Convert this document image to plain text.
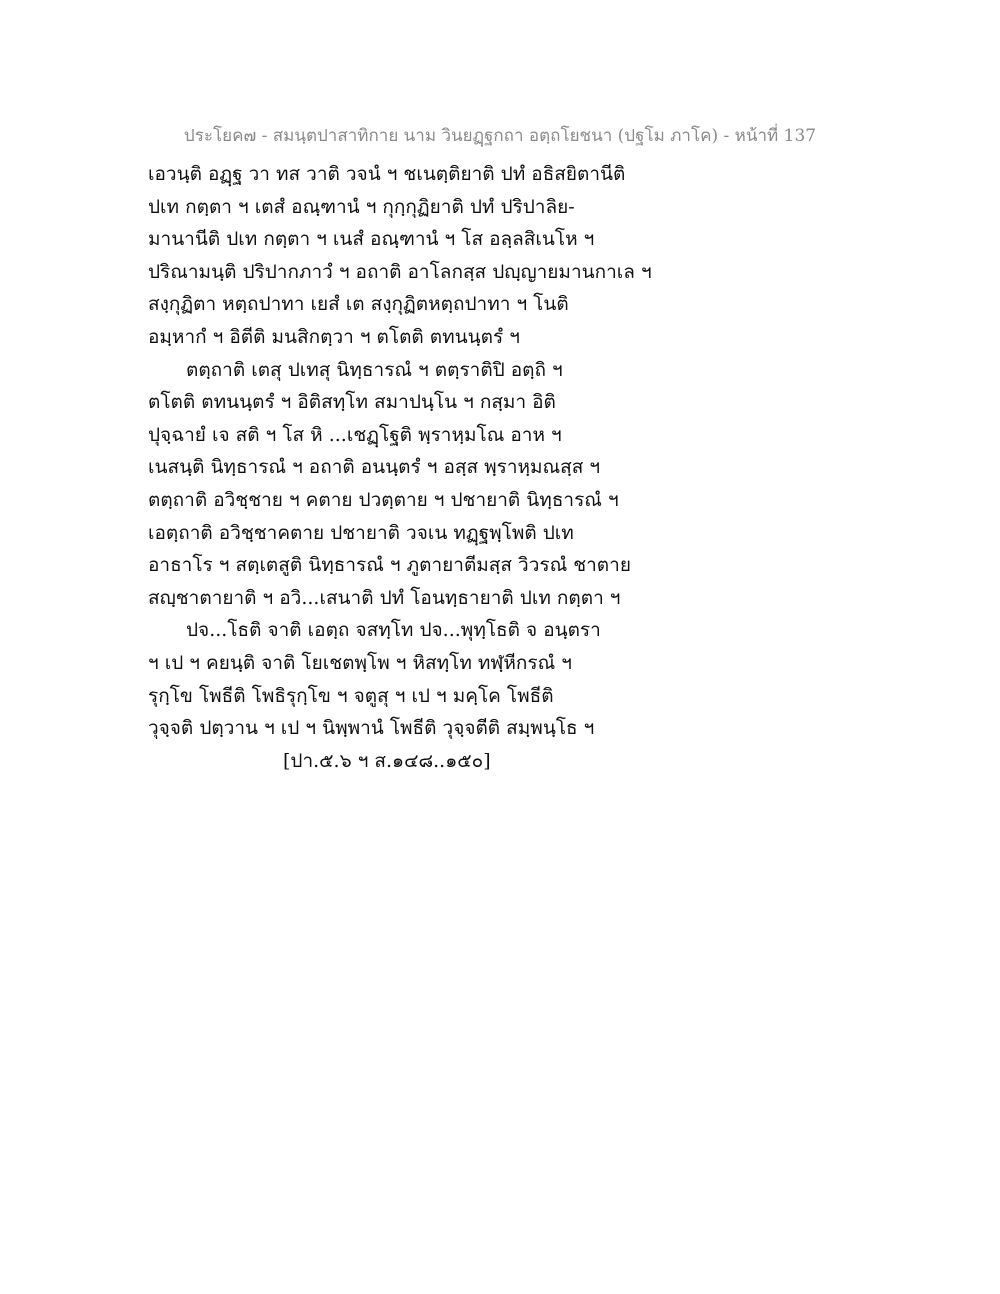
ประโยค๗ - สมนฺตปาสาทิกาย นาม วินยฏฺฐกถา อตฺถโยชนา (ปฐโม ภาโค) - หน้าที่ 137
เอวนฺติ อฏฺฐ วา ทส วาติ วจนํ ฯ ชเนตฺติยาติ ปทํ อธิสยิตานีติ
ปเท กตฺตา ฯ เตสํ อณฺฑานํ ฯ กุกฺกุฏิยาติ ปทํ ปริปาลิย-
มานานีติ ปเท กตฺตา ฯ เนสํ อณฺฑานํ ฯ โส อลฺลสิเนโห ฯ
ปริณามนฺติ ปริปากภาวํ ฯ อถาติ อาโลกสฺส ปญฺญายมานกาเล ฯ
สงฺกุฏิตา หตฺถปาทา เยสํ เต สงฺกุฏิตหตฺถปาทา ฯ โนติ
อมฺหากํ ฯ อิตีติ มนสิกตฺวา ฯ ตโตติ ตทนนฺตรํ ฯ
ตตฺถาติ เตสุ ปเทสุ นิทฺธารณํ ฯ ตตฺราติปิ อตฺถิ ฯ
ตโตติ ตทนนฺตรํ ฯ อิติสทฺโท สมาปนฺโน ฯ กสฺมา อิติ
ปุจฺฉายํ เจ สติ ฯ โส หิ ...เชฏฺโฐติ พฺราหฺมโณ อาห ฯ
เนสนฺติ นิทฺธารณํ ฯ อถาติ อนนฺตรํ ฯ อสฺส พฺราหฺมณสฺส ฯ
ตตฺถาติ อวิชฺชาย ฯ คตาย ปวตฺตาย ฯ ปชายาติ นิทฺธารณํ ฯ
เอตฺถาติ อวิชฺชาคตาย ปชายาติ วจเน ทฏฺฐพฺโพติ ปเท
อาธาโร ฯ สตฺเตสูติ นิทฺธารณํ ฯ ภูตายาตีมสฺส วิวรณํ ชาตาย
สญฺชาตายาติ ฯ อวิ...เสนาติ ปทํ โอนทฺธายาติ ปเท กตฺตา ฯ
ปจ...โธติ จาติ เอตฺถ จสทฺโท ปจ...พุทฺโธติ จ อนฺตรา
ฯ เป ฯ คยนฺติ จาติ โยเชตพฺโพ ฯ หิสทฺโท ทฬฺหีกรณํ ฯ
รุกฺโข โพธีติ โพธิรุกฺโข ฯ จตูสุ ฯ เป ฯ มคฺโค โพธีติ
วุจฺจติ ปตฺวาน ฯ เป ฯ นิพฺพานํ โพธีติ วุจฺจตีติ สมฺพนฺโธ ฯ
[ปา.๕.๖ ฯ ส.๑๔๘..๑๕๐]
